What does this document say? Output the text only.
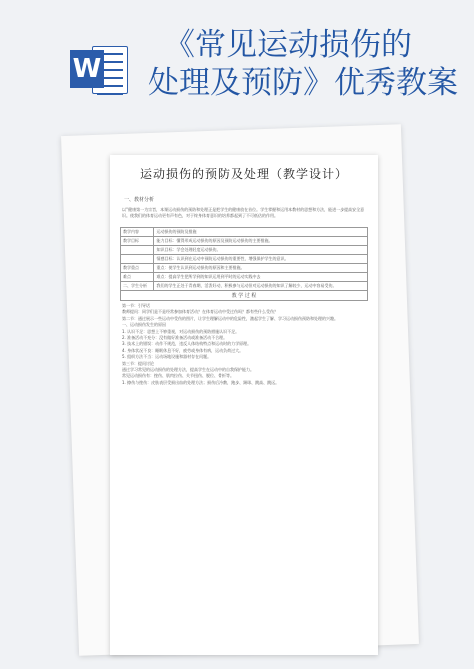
W
《常见运动损伤的
处理及预防》优秀教案
运动损伤的预防及处理（教学设计）
一、教材分析
以“健康第一为宗旨，本课运动损伤的预防和处理正是把学生的健康放在首位。学生掌握和运用本教材的思想和方法，能进一步提高安全意识。使我们的体育运动更有声有色，对于终身体育意识的培养都起到了不可低估的作用。
教学内容	运动损伤的预防及措施
教学目标	能力目标：懂得形成运动损伤的原因及预防运动损伤的主要措施。
	知识目标：学会处理轻度运动损伤。
	情感目标：认识到在运动中预防运动损伤的重要性，增强保护学生的意识。
教学重点	重点：使学生认识到运动损伤的原因和主要措施。
难点	难点：提高学生把所学到的知识运用到平时的运动实践中去
二、学生分析	我们的学生正处于青春期，活泼好动，积极参与运动但对运动损伤的知识了解较少，运动中容易受伤。
教 学 过 程	
第一节：引导话
教师提问：同学们是不是经常参加体育活动？在体育运动中受过伤吗？都有些什么受伤？
第二节：通过展示一些运动中受伤的图片，让学生理解运动中的危险性，激起学生了解、学习运动损伤预防和处理的兴趣。
一、运动损伤发生的原因
1. 认识不足：思想上不够重视，对运动损伤的预防措施认识不足。
2. 准备活动不充分：没有做好准备活动或准备活动不合理。
3. 技术上的错误：动作不规范，违反人体结构特点和运动时的力学原理。
4. 身体状况不良：睡眠休息不好，疲劳或身体有病，运动负荷过大。
5. 组织方法不当：运动场地设施和器材存在问题。
第三节：提问讨论
通过学习常见的运动损伤的处理方法，提高学生在运动中的自我保护能力。
常见运动损伤有：挫伤、肌肉拉伤、关节扭伤、脱位、骨折等。
1. 擦伤与挫伤：皮肤表层受损出血的处理方法；损伤后冷敷，跑步、踢球、跳高、跳远。
